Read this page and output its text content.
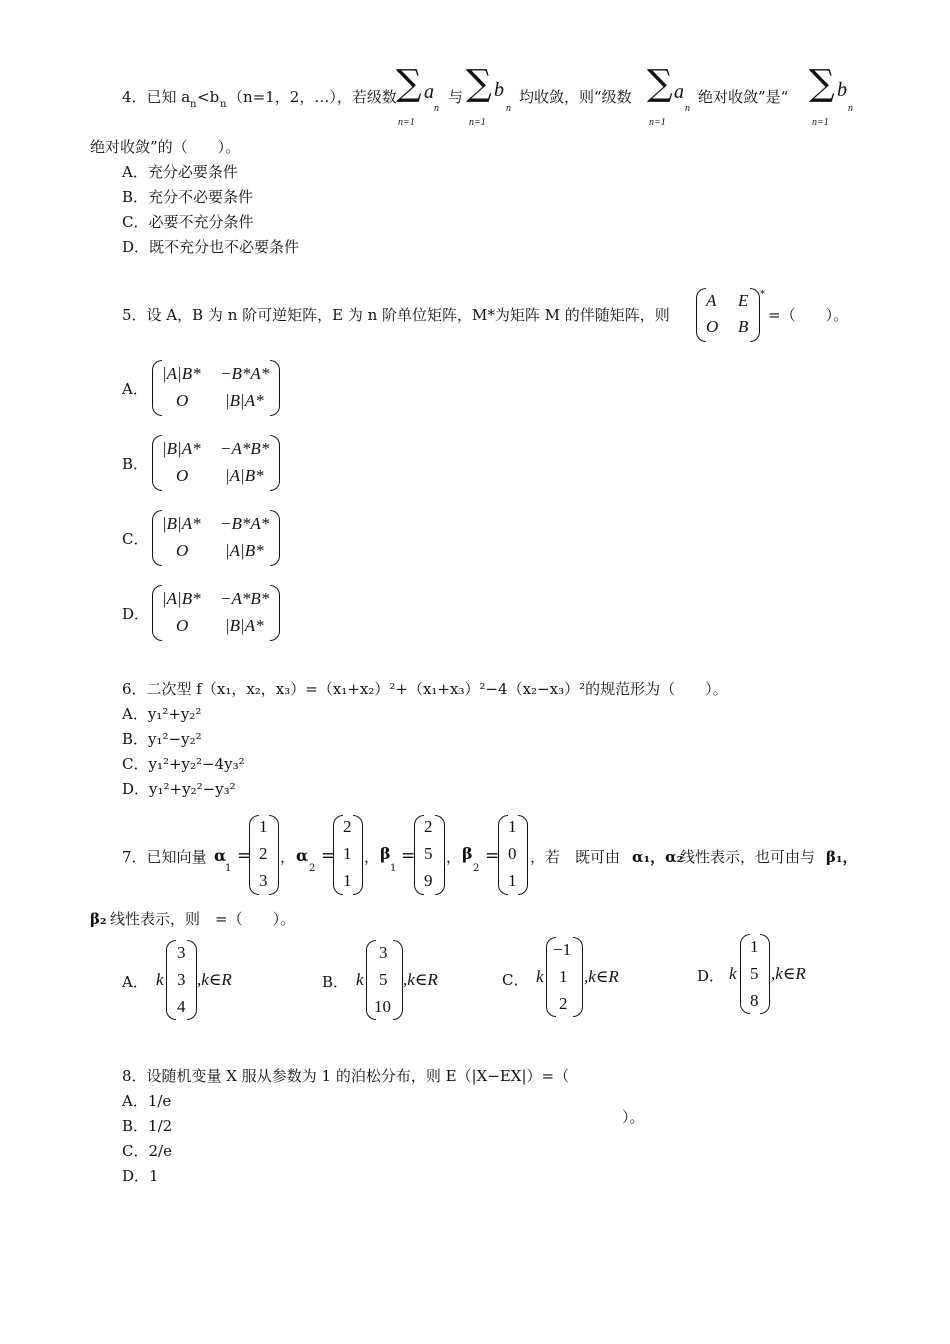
4．已知 a n <b n （n=1，2，…），若级数 ∑ a
n
n=1
与 ∑ b
n
n=1
均收敛，则“级数 ∑ a
n
n=1
绝对收敛”是“ ∑ b
n
n=1
绝对收敛”的（　　）。
A．充分必要条件
B．充分不必要条件
C．必要不充分条件
D．既不充分也不必要条件
5．设 A，B 为 n 阶可逆矩阵，E 为 n 阶单位矩阵，M*为矩阵 M 的伴随矩阵，则
A E
O B
*
=（　　）。
A．
|A|B* −B*A*
O |B|A*
B．
|B|A* −A*B*
O |A|B*
C．
|B|A* −B*A*
O |A|B*
D．
|A|B* −A*B*
O |B|A*
6．二次型 f（x₁，x₂，x₃）=（x₁+x₂）²+（x₁+x₃）²−4（x₂−x₃）²的规范形为（　　）。
A．y₁²+y₂²
B．y₁²−y₂²
C．y₁²+y₂²−4y₃²
D．y₁²+y₂²−y₃²
7．已知向量 α
1
=
1
2
3
， α
2
=
2
1
1
， β
1
=
2
5
9
， β
2
=
1
0
1
，若　既可由 α₁，α₂
线性表示，也可由与 β₁，
β₂ 线性表示，则　=（　　）。
A． k
3
3
4
,k∈R	B． k
3
5
10
,k∈R	C． k
−1
1
2
,k∈R	D． k
1
5
8
,k∈R
8．设随机变量 X 服从参数为 1 的泊松分布，则 E（|X−EX|）=（
A．1/e
B．1/2
C．2/e
D．1
）。
